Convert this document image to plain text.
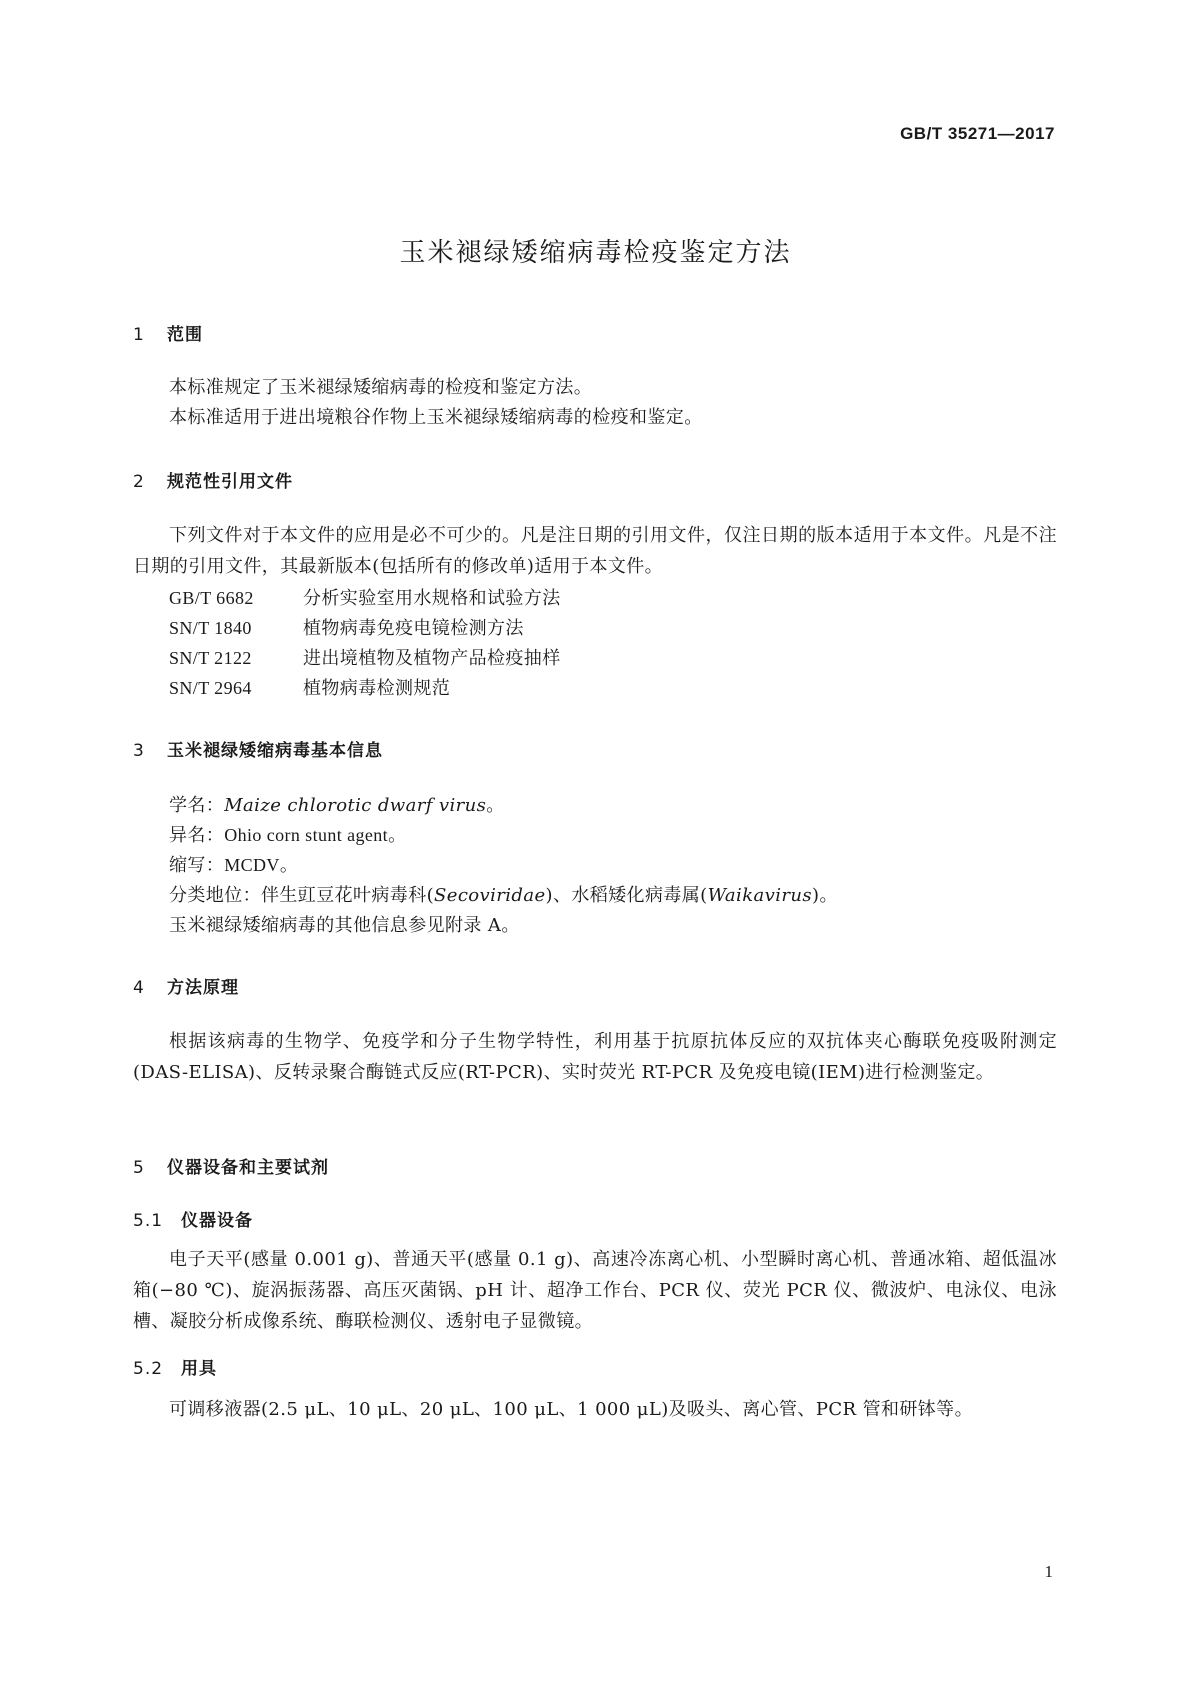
GB/T 35271—2017
玉米褪绿矮缩病毒检疫鉴定方法
1 范围
本标准规定了玉米褪绿矮缩病毒的检疫和鉴定方法。
本标准适用于进出境粮谷作物上玉米褪绿矮缩病毒的检疫和鉴定。
2 规范性引用文件
下列文件对于本文件的应用是必不可少的。凡是注日期的引用文件，仅注日期的版本适用于本文件。凡是不注日期的引用文件，其最新版本(包括所有的修改单)适用于本文件。
GB/T 6682	分析实验室用水规格和试验方法
SN/T 1840	植物病毒免疫电镜检测方法
SN/T 2122	进出境植物及植物产品检疫抽样
SN/T 2964	植物病毒检测规范
3 玉米褪绿矮缩病毒基本信息
学名：Maize chlorotic dwarf virus。
异名：Ohio corn stunt agent。
缩写：MCDV。
分类地位：伴生豇豆花叶病毒科(Secoviridae)、水稻矮化病毒属(Waikavirus)。
玉米褪绿矮缩病毒的其他信息参见附录 A。
4 方法原理
根据该病毒的生物学、免疫学和分子生物学特性，利用基于抗原抗体反应的双抗体夹心酶联免疫吸附测定(DAS-ELISA)、反转录聚合酶链式反应(RT-PCR)、实时荧光 RT-PCR 及免疫电镜(IEM)进行检测鉴定。
5 仪器设备和主要试剂
5.1 仪器设备
电子天平(感量 0.001 g)、普通天平(感量 0.1 g)、高速冷冻离心机、小型瞬时离心机、普通冰箱、超低温冰箱(−80 ℃)、旋涡振荡器、高压灭菌锅、pH 计、超净工作台、PCR 仪、荧光 PCR 仪、微波炉、电泳仪、电泳槽、凝胶分析成像系统、酶联检测仪、透射电子显微镜。
5.2 用具
可调移液器(2.5 μL、10 μL、20 μL、100 μL、1 000 μL)及吸头、离心管、PCR 管和研钵等。
1
